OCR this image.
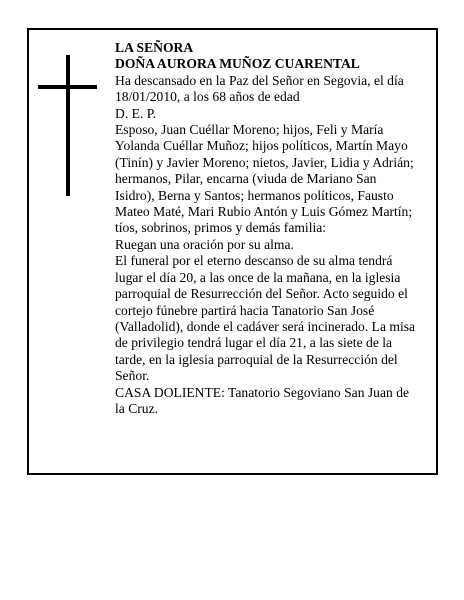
LA SEÑORA

DOÑA AURORA MUÑOZ CUARENTAL

Ha descansado en la Paz del Señor en Segovia, el día 18/01/2010, a los 68 años de edad

D. E. P.

Esposo, Juan Cuéllar Moreno; hijos, Feli y María Yolanda Cuéllar Muñoz; hijos políticos, Martín Mayo (Tinín) y Javier Moreno; nietos, Javier, Lidia y Adrián; hermanos, Pilar, encarna (viuda de Mariano San Isidro), Berna y Santos; hermanos políticos, Fausto Mateo Maté, Mari Rubio Antón y Luis Gómez Martín; tíos, sobrinos, primos y demás familia:

Ruegan una oración por su alma.

El funeral por el eterno descanso de su alma tendrá lugar el día 20, a las once de la mañana, en la iglesia parroquial de Resurrección del Señor. Acto seguido el cortejo fúnebre partirá hacia Tanatorio San José (Valladolid), donde el cadáver será incinerado. La misa de privilegio tendrá lugar el día 21, a las siete de la tarde, en la iglesia parroquial de la Resurrección del Señor.

CASA DOLIENTE: Tanatorio Segoviano San Juan de la Cruz.
